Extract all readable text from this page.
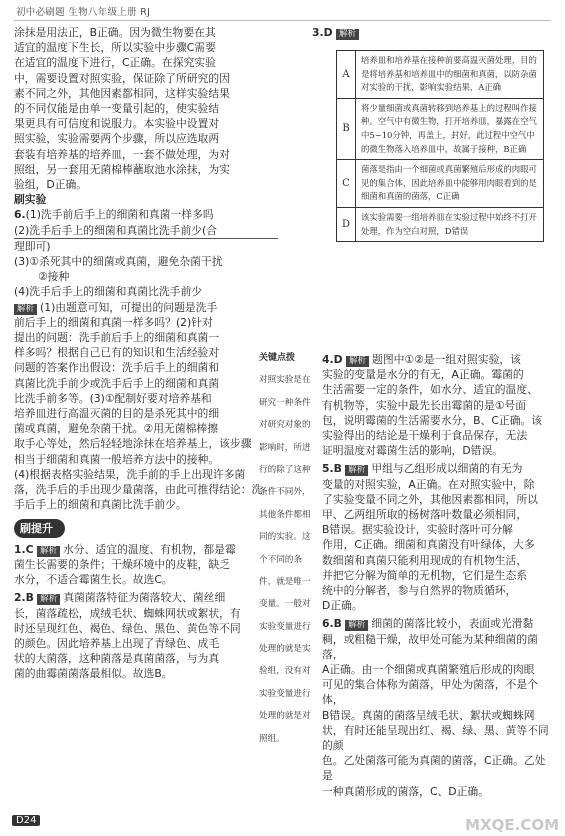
初中必刷题 生物八年级上册 RJ

涂抹是用法正，B正确。因为微生物要在其

适宜的温度下生长，所以实验中步骤C需要

在适宜的温度下进行，C正确。在探究实验

中，需要设置对照实验，保证除了所研究的因

素不同之外，其他因素都相同，这样实验结果

的不同仅能是由单一变量引起的，使实验结

果更具有可信度和说服力。本实验中设置对

照实验，实验需要两个步骤，所以应选取两

套装有培养基的培养皿，一套不做处理，为对

照组，另一套用无菌棉棒蘸取池水涂抹，为实

验组，D正确。

刷实验

6.(1)洗手前后手上的细菌和真菌一样多吗

(2)洗手后手上的细菌和真菌比洗手前少(合

理即可)

(3)①杀死其中的细菌或真菌，避免杂菌干扰

②接种

(4)洗手后手上的细菌和真菌比洗手前少

解析 (1)由题意可知，可提出的问题是洗手

前后手上的细菌和真菌一样多吗？(2)针对

提出的问题：洗手前后手上的细菌和真菌一

样多吗？根据自己已有的知识和生活经验对

问题的答案作出假设：洗手后手上的细菌和

真菌比洗手前少或洗手后手上的细菌和真菌

比洗手前多等。(3)①配制好要对培养基和

培养皿进行高温灭菌的目的是杀死其中的细

菌或真菌，避免杂菌干扰。②用无菌棉棒擦

取手心等处，然后轻轻地涂抹在培养基上，该步骤

相当于细菌和真菌一般培养方法中的接种。

(4)根据表格实验结果，洗手前的手上出现许多菌

落，洗手后的手出现少量菌落，由此可推得结论：洗

手后手上的细菌和真菌比洗手前少。

刷提升

1.C 解析 水分、适宜的温度、有机物，都是霉

菌生长需要的条件；干燥环境中的皮鞋，缺乏

水分，不适合霉菌生长。故选C。

2.B 解析 真菌菌落特征为菌落较大、菌丝细

长，菌落疏松，成绒毛状、蜘蛛网状或絮状，有

时还呈现红色、褐色、绿色、黑色、黄色等不同

的颜色。因此培养基上出现了青绿色、成毛

状的大菌落，这种菌落是真菌菌落，与为真

菌的曲霉菌菌落最相似。故选B。

3.D 解析

A
培养皿和培养基在接种前要高温灭菌处理，目的是将培养基和培养皿中的细菌和真菌，以防杂菌对实验的干扰，影响实验结果，A正确
B
将少量细菌或真菌转移到培养基上的过程叫作接种。空气中有微生物，打开培养皿，暴露在空气中5~10分钟，再盖上，封好，此过程中空气中的微生物落入培养皿中，故属于接种，B正确
C
菌落是指由一个细菌或真菌繁殖后形成的肉眼可见的集合体，因此培养皿中能够用肉眼看到的是细菌和真菌的菌落，C正确
D
该实验需要一组培养皿在实验过程中始终不打开处理，作为空白对照，D错误
关键点拨

对照实验是在

研究一种条件

对研究对象的

影响时，所进

行的除了这种

条件不同外，

其他条件都相

同的实验。这

个不同的条

件，就是唯一

变量。一般对

实验变量进行

处理的就是实

验组，没有对

实验变量进行

处理的就是对

照组。

4.D 解析 题图中①②是一组对照实验，该

实验的变量是水分的有无，A正确。霉菌的

生活需要一定的条件，如水分、适宜的温度、

有机物等，实验中最先长出霉菌的是①号面

包，说明霉菌的生活需要水分，B、C正确。该

实验得出的结论是干燥利于食品保存，无法

证明温度对霉菌生活的影响，D错误。

5.B 解析 甲组与乙组形成以细菌的有无为

变量的对照实验，A正确。在对照实验中，除

了实验变量不同之外，其他因素都相同，所以

甲、乙两组所取的杨树落叶数量必须相同，

B错误。据实验设计，实验时落叶可分解

作用，C正确。细菌和真菌没有叶绿体，大多

数细菌和真菌只能利用现成的有机物生活，

并把它分解为简单的无机物，它们是生态系

统中的分解者，参与自然界的物质循环，

D正确。

6.B 解析 细菌的菌落比较小，表面或光滑黏

稠，或粗糙干燥，故甲处可能为某种细菌的菌落，

A正确。由一个细菌或真菌繁殖后形成的肉眼

可见的集合体称为菌落，甲处为菌落，不是个体，

B错误。真菌的菌落呈绒毛状、絮状或蜘蛛网

状，有时还能呈现出红、褐、绿、黑、黄等不同的颜

色。乙处菌落可能为真菌的菌落，C正确。乙处是

一种真菌形成的菌落，C、D正确。

D24	MXQE.COM
